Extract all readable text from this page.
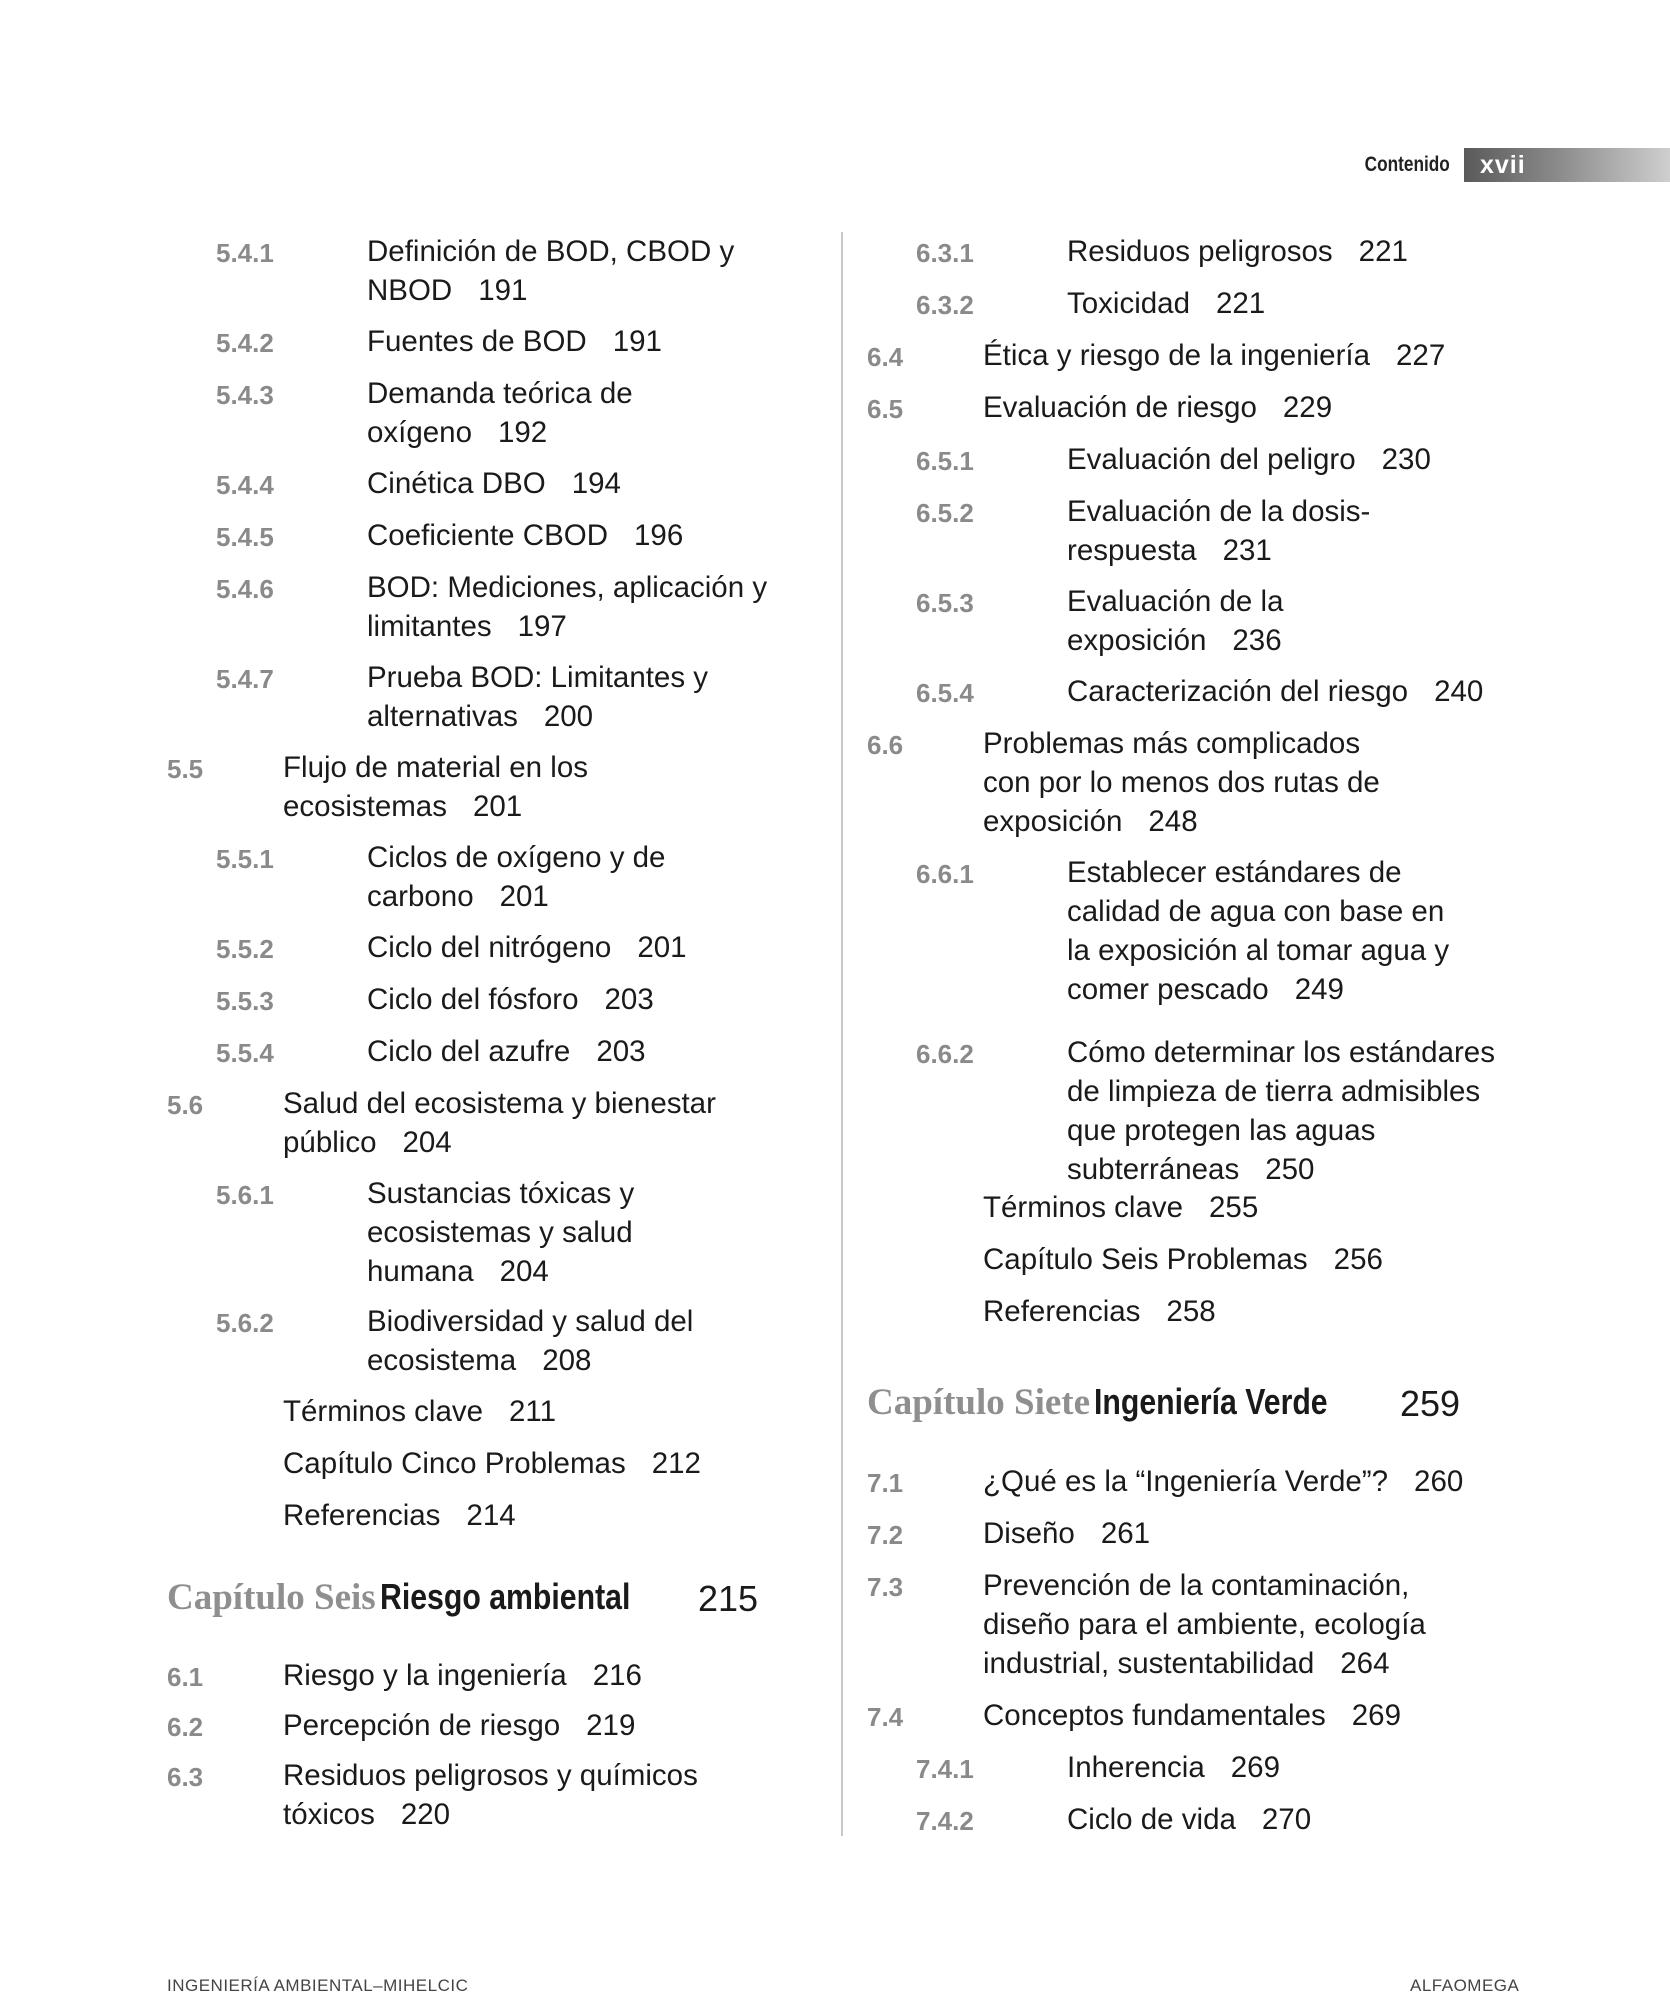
Contenido xvii
5.4.1	Definición de BOD, CBOD y
NBOD 191
5.4.2	Fuentes de BOD 191
5.4.3	Demanda teórica de
oxígeno 192
5.4.4	Cinética DBO 194
5.4.5	Coeficiente CBOD 196
5.4.6	BOD: Mediciones, aplicación y
limitantes 197
5.4.7	Prueba BOD: Limitantes y
alternativas 200
5.5	Flujo de material en los
ecosistemas 201
5.5.1	Ciclos de oxígeno y de
carbono 201
5.5.2	Ciclo del nitrógeno 201
5.5.3	Ciclo del fósforo 203
5.5.4	Ciclo del azufre 203
5.6	Salud del ecosistema y bienestar
público 204
5.6.1	Sustancias tóxicas y
ecosistemas y salud
humana 204
5.6.2	Biodiversidad y salud del
ecosistema 208
Términos clave 211
Capítulo Cinco Problemas 212
Referencias 214
6.1	Riesgo y la ingeniería 216
6.2	Percepción de riesgo 219
6.3	Residuos peligrosos y químicos
tóxicos 220
6.3.1	Residuos peligrosos 221
6.3.2	Toxicidad 221
6.4	Ética y riesgo de la ingeniería 227
6.5	Evaluación de riesgo 229
6.5.1	Evaluación del peligro 230
6.5.2	Evaluación de la dosis-
respuesta 231
6.5.3	Evaluación de la
exposición 236
6.5.4	Caracterización del riesgo 240
6.6	Problemas más complicados
con por lo menos dos rutas de
exposición 248
6.6.1	Establecer estándares de
calidad de agua con base en
la exposición al tomar agua y
comer pescado 249
6.6.2	Cómo determinar los estándares
de limpieza de tierra admisibles
que protegen las aguas
subterráneas 250
Términos clave 255
Capítulo Seis Problemas 256
Referencias 258
7.1	¿Qué es la “Ingeniería Verde”? 260
7.2	Diseño 261
7.3	Prevención de la contaminación,
diseño para el ambiente, ecología
industrial, sustentabilidad 264
7.4	Conceptos fundamentales 269
7.4.1	Inherencia 269
7.4.2	Ciclo de vida 270
Capítulo Seis Riesgo ambiental 215
Capítulo Siete Ingeniería Verde 259
INGENIERÍA AMBIENTAL–MIHELCIC	ALFAOMEGA
